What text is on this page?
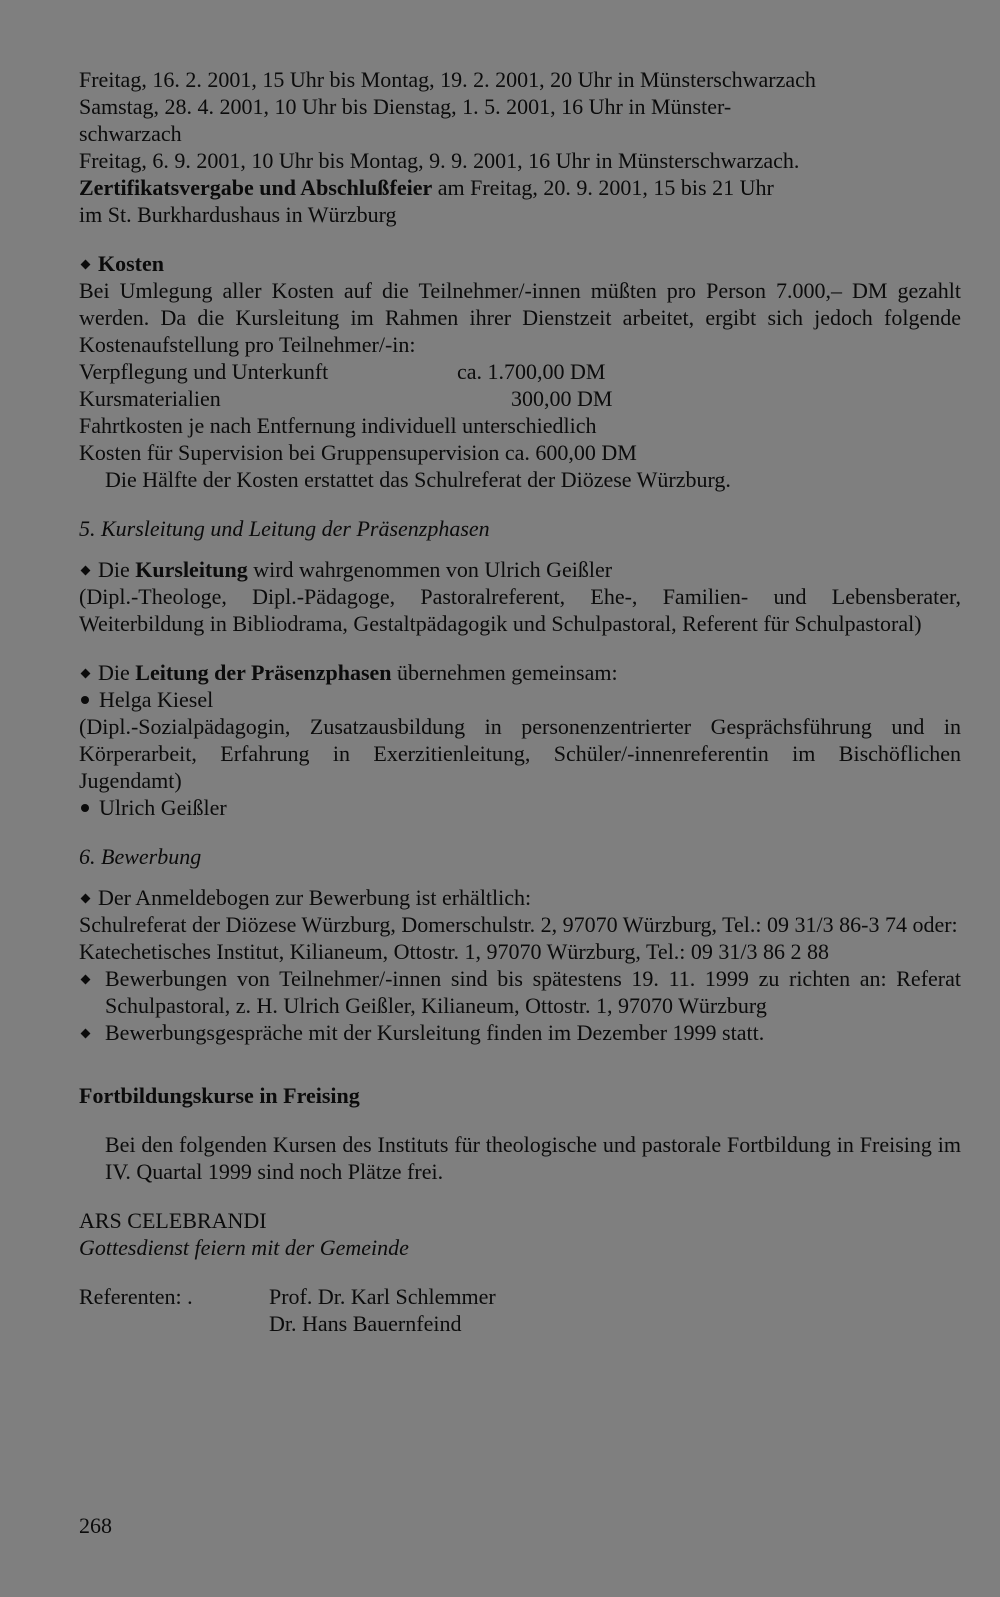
Freitag, 16. 2. 2001, 15 Uhr bis Montag, 19. 2. 2001, 20 Uhr in Münsterschwarzach

Samstag, 28. 4. 2001, 10 Uhr bis Dienstag, 1. 5. 2001, 16 Uhr in Münster-

schwarzach

Freitag, 6. 9. 2001, 10 Uhr bis Montag, 9. 9. 2001, 16 Uhr in Münsterschwarzach.

Zertifikatsvergabe und Abschlußfeier am Freitag, 20. 9. 2001, 15 bis 21 Uhr

im St. Burkhardushaus in Würzburg

Kosten

Bei Umlegung aller Kosten auf die Teilnehmer/-innen müßten pro Person 7.000,– DM gezahlt werden. Da die Kursleitung im Rahmen ihrer Dienstzeit arbeitet, ergibt sich jedoch folgende Kostenaufstellung pro Teilnehmer/-in:

Verpflegung und Unterkunft	ca. 1.700,00 DM
Kursmaterialien	300,00 DM

Fahrtkosten je nach Entfernung individuell unterschiedlich

Kosten für Supervision bei Gruppensupervision ca. 600,00 DM

Die Hälfte der Kosten erstattet das Schulreferat der Diözese Würzburg.

5. Kursleitung und Leitung der Präsenzphasen

Die Kursleitung wird wahrgenommen von Ulrich Geißler

(Dipl.-Theologe, Dipl.-Pädagoge, Pastoralreferent, Ehe-, Familien- und Lebensberater, Weiterbildung in Bibliodrama, Gestaltpädagogik und Schulpastoral, Referent für Schulpastoral)

Die Leitung der Präsenzphasen übernehmen gemeinsam:

Helga Kiesel

(Dipl.-Sozialpädagogin, Zusatzausbildung in personenzentrierter Gesprächsführung und in Körperarbeit, Erfahrung in Exerzitienleitung, Schüler/-innenreferentin im Bischöflichen Jugendamt)

Ulrich Geißler

6. Bewerbung

Der Anmeldebogen zur Bewerbung ist erhältlich:

Schulreferat der Diözese Würzburg, Domerschulstr. 2, 97070 Würzburg, Tel.: 09 31/3 86-3 74 oder:

Katechetisches Institut, Kilianeum, Ottostr. 1, 97070 Würzburg, Tel.: 09 31/3 86 2 88

Bewerbungen von Teilnehmer/-innen sind bis spätestens 19. 11. 1999 zu richten an: Referat Schulpastoral, z. H. Ulrich Geißler, Kilianeum, Ottostr. 1, 97070 Würzburg
Bewerbungsgespräche mit der Kursleitung finden im Dezember 1999 statt.

Fortbildungskurse in Freising

Bei den folgenden Kursen des Instituts für theologische und pastorale Fortbildung in Freising im IV. Quartal 1999 sind noch Plätze frei.

ARS CELEBRANDI

Gottesdienst feiern mit der Gemeinde

Referenten: .	Prof. Dr. Karl Schlemmer
Dr. Hans Bauernfeind
268
